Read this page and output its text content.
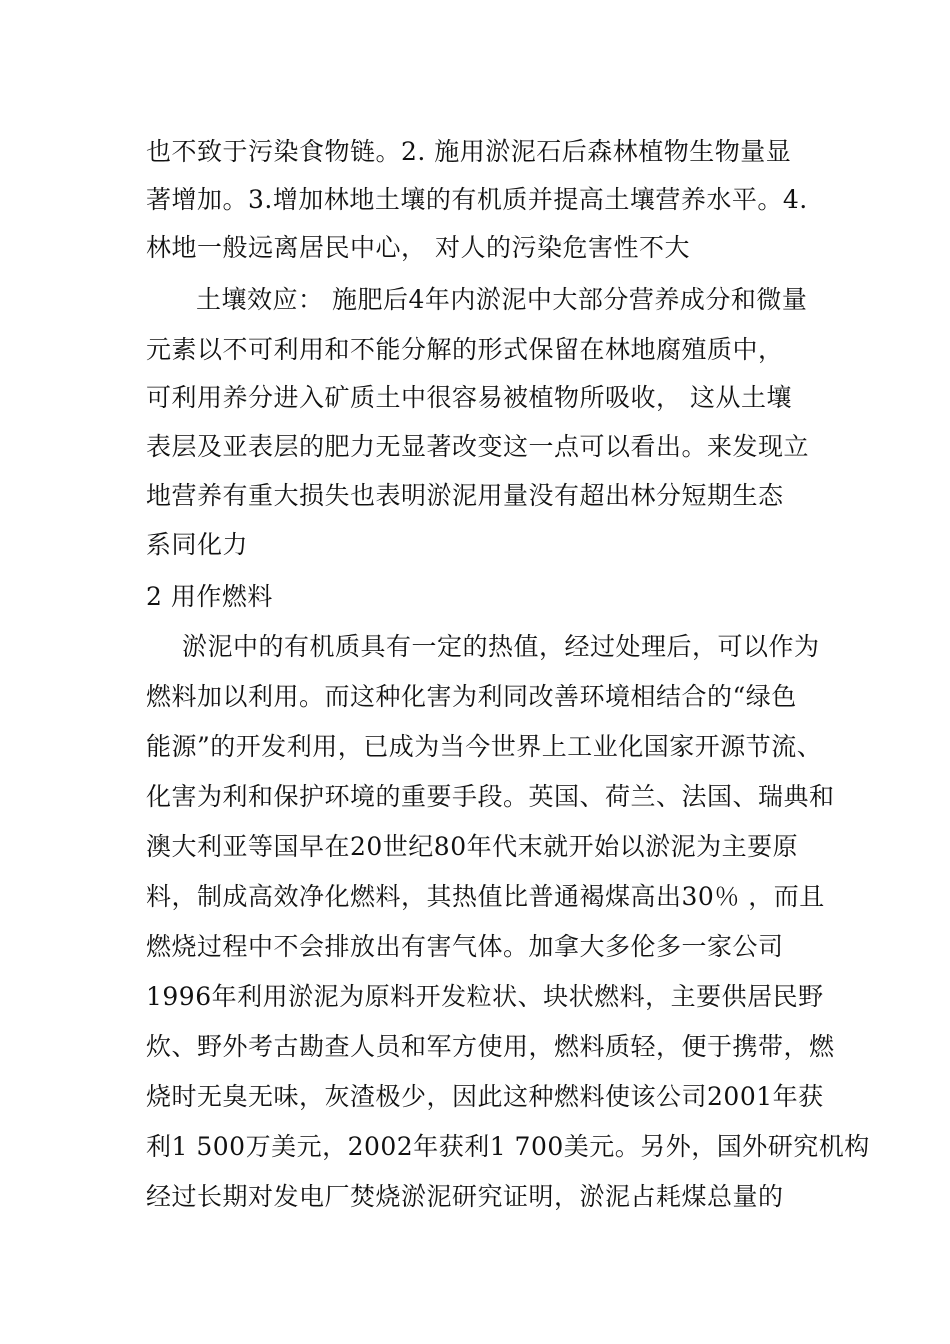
也不致于污染食物链。2. 施用淤泥石后森林植物生物量显
著增加。3.增加林地土壤的有机质并提高土壤营养水平。4.
林地一般远离居民中心， 对人的污染危害性不大
土壤效应： 施肥后4年内淤泥中大部分营养成分和微量
元素以不可利用和不能分解的形式保留在林地腐殖质中，
可利用养分进入矿质土中很容易被植物所吸收， 这从土壤
表层及亚表层的肥力无显著改变这一点可以看出。来发现立
地营养有重大损失也表明淤泥用量没有超出林分短期生态
系同化力
2 用作燃料
淤泥中的有机质具有一定的热值，经过处理后，可以作为
燃料加以利用。而这种化害为利同改善环境相结合的“绿色
能源”的开发利用，已成为当今世界上工业化国家开源节流、
化害为利和保护环境的重要手段。英国、荷兰、法国、瑞典和
澳大利亚等国早在20世纪80年代末就开始以淤泥为主要原
料，制成高效净化燃料，其热值比普通褐煤高出30％ ，而且
燃烧过程中不会排放出有害气体。加拿大多伦多一家公司
1996年利用淤泥为原料开发粒状、块状燃料，主要供居民野
炊、野外考古勘查人员和军方使用，燃料质轻，便于携带，燃
烧时无臭无味，灰渣极少，因此这种燃料使该公司2001年获
利1 500万美元，2002年获利1 700美元。另外，国外研究机构
经过长期对发电厂焚烧淤泥研究证明，淤泥占耗煤总量的
